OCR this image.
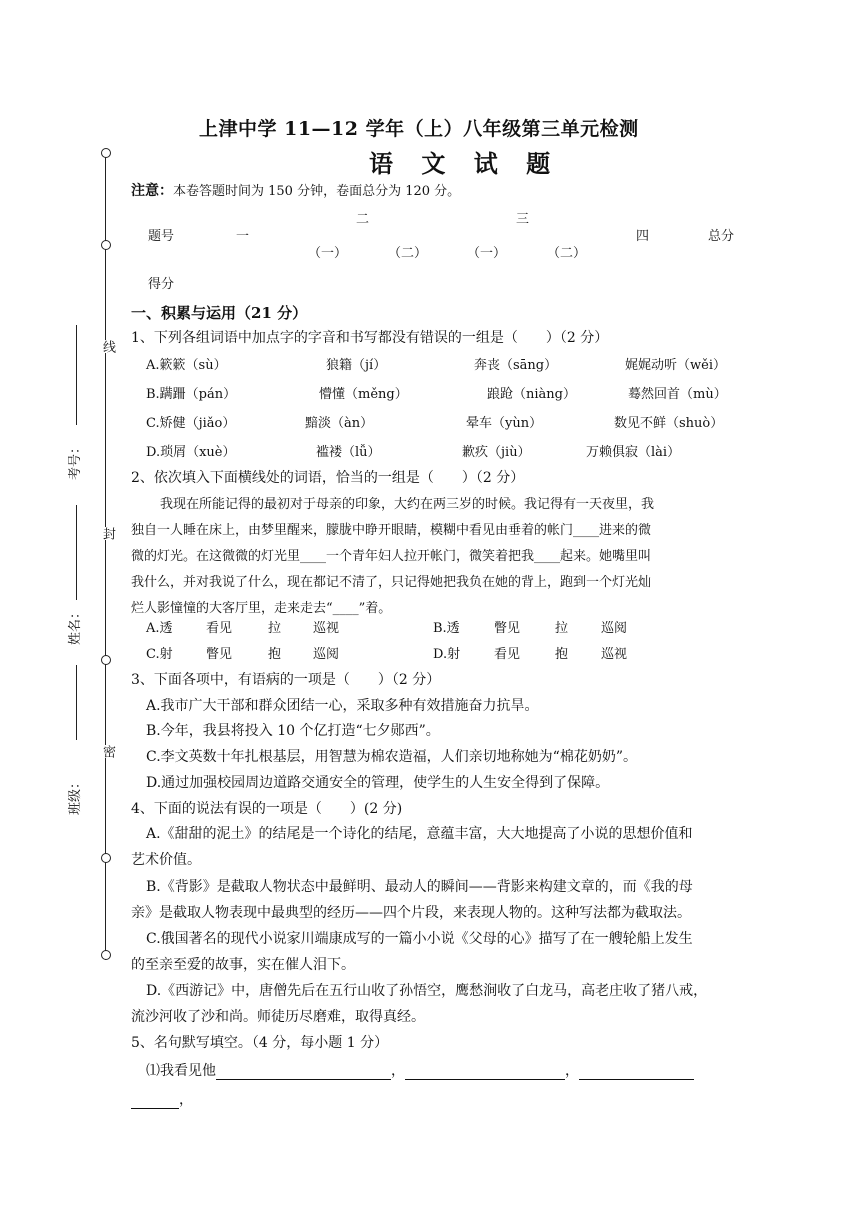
线
封
密
考号：
姓名：
班级：
上津中学 11—12 学年（上）八年级第三单元检测
语 文 试 题
注意：本卷答题时间为 150 分钟，卷面总分为 120 分。
题号	一
二	三
（一）	（二）	（一）	（二）
四	总分
得分
一、积累与运用（21 分）
1、下列各组词语中加点字的字音和书写都没有错误的一组是（　　）（2 分）
A.簌簌（sù）	狼籍（jí）	奔丧（sāng）	娓娓动听（wěi）
B.蹒跚（pán）	懵懂（měng）	踉跄（niàng）	蓦然回首（mù）
C.矫健（jiǎo）	黯淡（àn）	晕车（yùn）	数见不鲜（shuò）
D.琐屑（xuè）	褴褛（lǚ）	歉疚（jiù）	万赖俱寂（lài）
2、依次填入下面横线处的词语，恰当的一组是（　　）（2 分）
我现在所能记得的最初对于母亲的印象，大约在两三岁的时候。我记得有一天夜里，我
独自一人睡在床上，由梦里醒来，朦胧中睁开眼睛，模糊中看见由垂着的帐门____进来的微
微的灯光。在这微微的灯光里____一个青年妇人拉开帐门，微笑着把我____起来。她嘴里叫
我什么，并对我说了什么，现在都记不清了，只记得她把我负在她的背上，跑到一个灯光灿
烂人影憧憧的大客厅里，走来走去“____”着。
A.透	看见	拉 巡视	B.透	瞥见	拉	巡阅
C.射	瞥见	抱 巡阅	D.射	看见	抱	巡视
3、下面各项中，有语病的一项是（　　）（2 分）
A.我市广大干部和群众团结一心，采取多种有效措施奋力抗旱。
B.今年，我县将投入 10 个亿打造“七夕郧西”。
C.李文英数十年扎根基层，用智慧为棉农造福，人们亲切地称她为“棉花奶奶”。
D.通过加强校园周边道路交通安全的管理，使学生的人生安全得到了保障。
4、下面的说法有误的一项是（　　）(2 分)
A.《甜甜的泥土》的结尾是一个诗化的结尾，意蕴丰富，大大地提高了小说的思想价值和
艺术价值。
B.《背影》是截取人物状态中最鲜明、最动人的瞬间——背影来构建文章的，而《我的母
亲》是截取人物表现中最典型的经历——四个片段，来表现人物的。这种写法都为截取法。
C.俄国著名的现代小说家川端康成写的一篇小小说《父母的心》描写了在一艘轮船上发生
的至亲至爱的故事，实在催人泪下。
D.《西游记》中，唐僧先后在五行山收了孙悟空，鹰愁涧收了白龙马，高老庄收了猪八戒，
流沙河收了沙和尚。师徒历尽磨难，取得真经。
5、名句默写填空。（4 分，每小题 1 分）
⑴我看见他	，	，
，
